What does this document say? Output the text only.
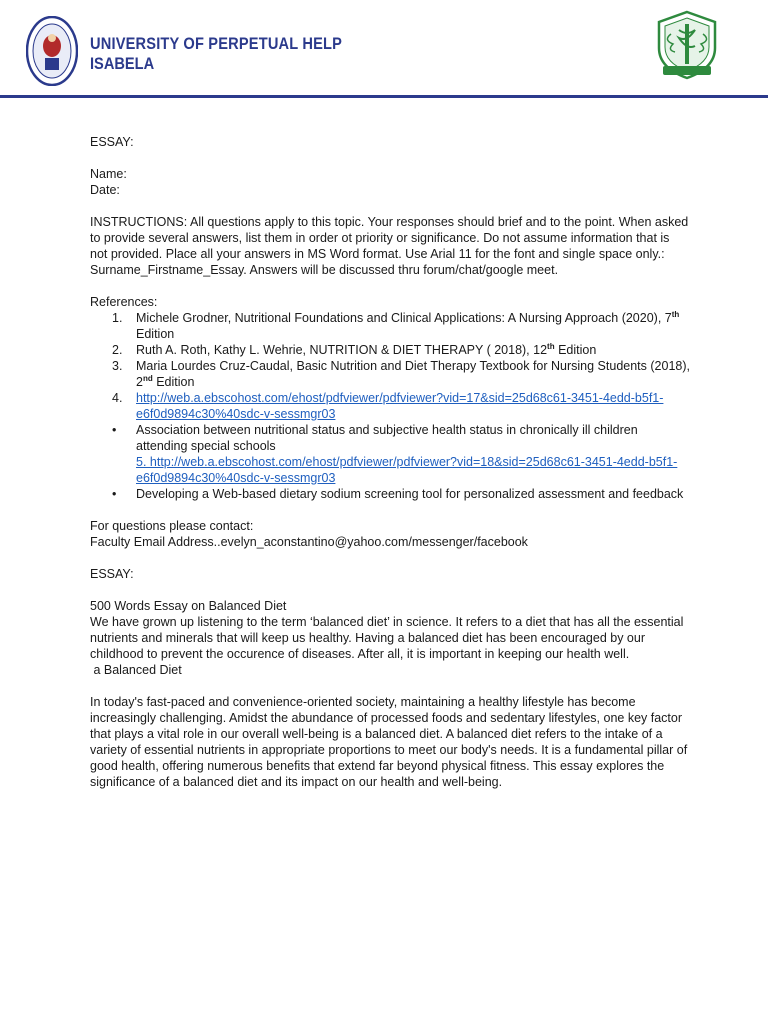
UNIVERSITY OF PERPETUAL HELP
ISABELA

ESSAY:

Name:

Date:

INSTRUCTIONS: All questions apply to this topic. Your responses should brief and to the point. When asked to provide several answers, list them in order ot priority or significance. Do not assume information that is not provided. Place all your answers in MS Word format. Use Arial 11 for the font and single space only.:

Surname_Firstname_Essay. Answers will be discussed thru forum/chat/google meet.

References:

1. Michele Grodner, Nutritional Foundations and Clinical Applications: A Nursing Approach (2020), 7th Edition
2. Ruth A. Roth, Kathy L. Wehrie, NUTRITION & DIET THERAPY ( 2018), 12th Edition
3. Maria Lourdes Cruz-Caudal, Basic Nutrition and Diet Therapy Textbook for Nursing Students (2018), 2nd Edition
4. http://web.a.ebscohost.com/ehost/pdfviewer/pdfviewer?vid=17&sid=25d68c61-3451-4edd-b5f1-e6f0d9894c30%40sdc-v-sessmgr03
• Association between nutritional status and subjective health status in chronically ill children attending special schools
5. http://web.a.ebscohost.com/ehost/pdfviewer/pdfviewer?vid=18&sid=25d68c61-3451-4edd-b5f1-e6f0d9894c30%40sdc-v-sessmgr03
• Developing a Web-based dietary sodium screening tool for personalized assessment and feedback

For questions please contact:

Faculty Email Address..evelyn_aconstantino@yahoo.com/messenger/facebook

ESSAY:

500 Words Essay on Balanced Diet

We have grown up listening to the term ‘balanced diet’ in science. It refers to a diet that has all the essential nutrients and minerals that will keep us healthy. Having a balanced diet has been encouraged by our childhood to prevent the occurence of diseases. After all, it is important in keeping our health well.

a Balanced Diet

In today's fast-paced and convenience-oriented society, maintaining a healthy lifestyle has become increasingly challenging. Amidst the abundance of processed foods and sedentary lifestyles, one key factor that plays a vital role in our overall well-being is a balanced diet. A balanced diet refers to the intake of a variety of essential nutrients in appropriate proportions to meet our body's needs. It is a fundamental pillar of good health, offering numerous benefits that extend far beyond physical fitness. This essay explores the significance of a balanced diet and its impact on our health and well-being.
